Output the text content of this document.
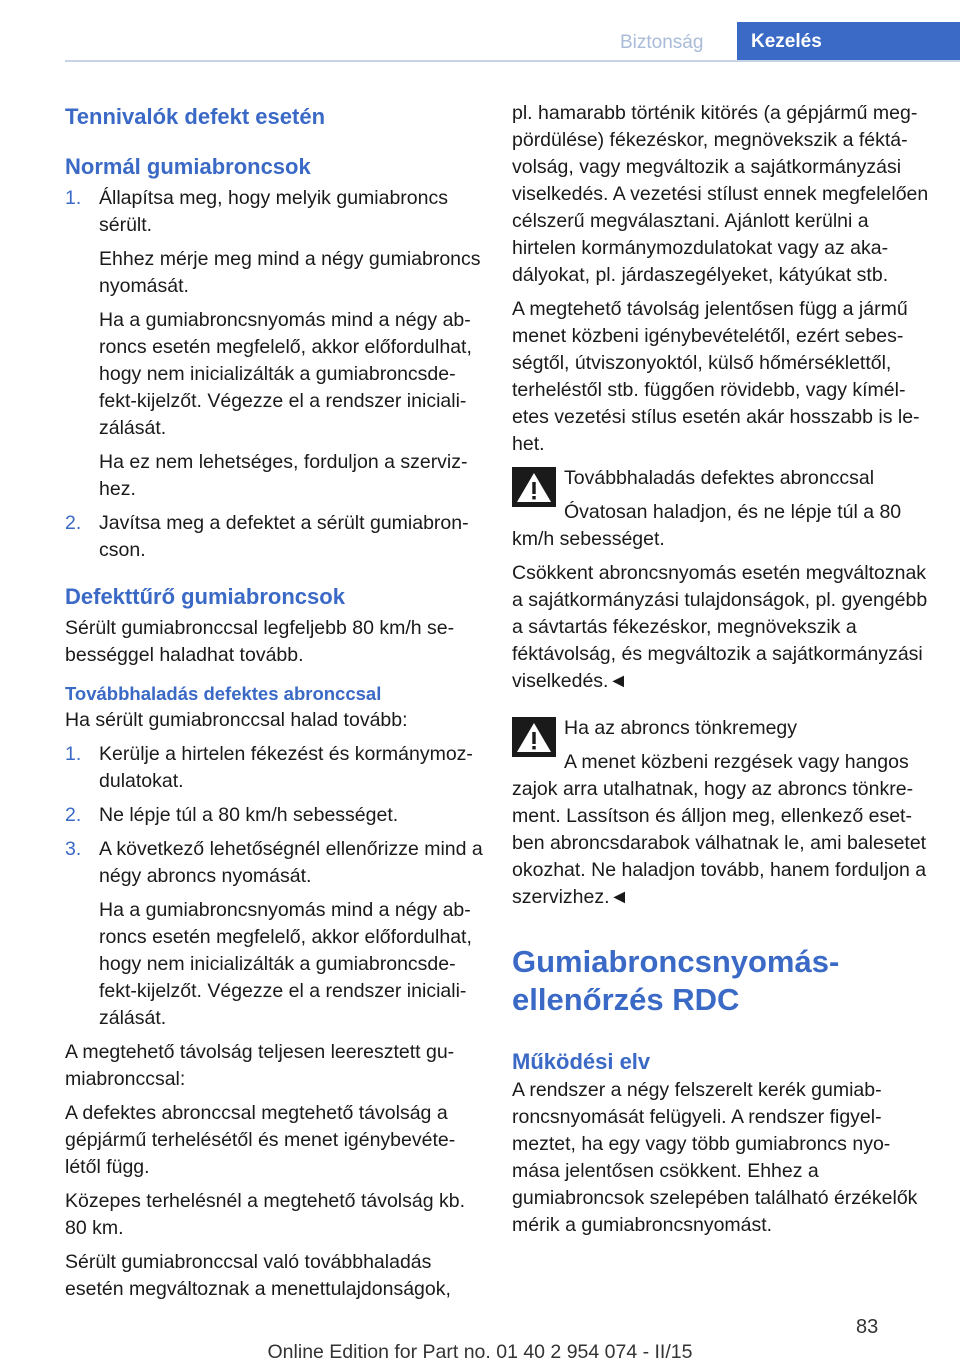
Biztonság	Kezelés
Tennivalók defekt esetén
Normál gumiabroncsok
1. Állapítsa meg, hogy melyik gumiabroncs sérült.

Ehhez mérje meg mind a négy gumiabroncs nyomását.

Ha a gumiabroncsnyomás mind a négy abroncs esetén megfelelő, akkor előfordulhat, hogy nem inicializálták a gumiabroncsdefekt-kijelzőt. Végezze el a rendszer inicializálását.

Ha ez nem lehetséges, forduljon a szervizhez.

2. Javítsa meg a defektet a sérült gumiabroncson.

Defekttűrő gumiabroncsok

Sérült gumiabronccsal legfeljebb 80 km/h sebességgel haladhat tovább.

Továbbhaladás defektes abronccsal

Ha sérült gumiabronccsal halad tovább:

1. Kerülje a hirtelen fékezést és kormánymozdulatokat.

2. Ne lépje túl a 80 km/h sebességet.

3. A következő lehetőségnél ellenőrizze mind a négy abroncs nyomását.

Ha a gumiabroncsnyomás mind a négy abroncs esetén megfelelő, akkor előfordulhat, hogy nem inicializálták a gumiabroncsdefekt-kijelzőt. Végezze el a rendszer inicializálását.

A megtehető távolság teljesen leeresztett gumiabronccsal:

A defektes abronccsal megtehető távolság a gépjármű terhelésétől és menet igénybevételétől függ.

Közepes terhelésnél a megtehető távolság kb. 80 km.

Sérült gumiabronccsal való továbbhaladás esetén megváltoznak a menettulajdonságok,

pl. hamarabb történik kitörés (a gépjármű megpördülése) fékezéskor, megnövekszik a féktávolság, vagy megváltozik a sajátkormányzási viselkedés. A vezetési stílust ennek megfelelően célszerű megválasztani. Ajánlott kerülni a hirtelen kormánymozdulatokat vagy az akadályokat, pl. járdaszegélyeket, kátyúkat stb.

A megtehető távolság jelentősen függ a jármű menet közbeni igénybevételétől, ezért sebességtől, útviszonyoktól, külső hőmérséklettől, terheléstől stb. függően rövidebb, vagy kíméletes vezetési stílus esetén akár hosszabb is lehet.

Továbbhaladás defektes abronccsal

Óvatosan haladjon, és ne lépje túl a 80 km/h sebességet.

Csökkent abroncsnyomás esetén megváltoznak a sajátkormányzási tulajdonságok, pl. gyengébb a sávtartás fékezéskor, megnövekszik a féktávolság, és megváltozik a sajátkormányzási viselkedés.◄

Ha az abroncs tönkremegy

A menet közbeni rezgések vagy hangos zajok arra utalhatnak, hogy az abroncs tönkrement. Lassítson és álljon meg, ellenkező esetben abroncsdarabok válhatnak le, ami balesetet okozhat. Ne haladjon tovább, hanem forduljon a szervizhez.◄

Gumiabroncsnyomás-ellenőrzés RDC
Működési elv

A rendszer a négy felszerelt kerék gumiabroncsnyomását felügyeli. A rendszer figyelmeztet, ha egy vagy több gumiabroncs nyomása jelentősen csökkent. Ehhez a gumiabroncsok szelepében található érzékelők mérik a gumiabroncsnyomást.

83
Online Edition for Part no. 01 40 2 954 074 - II/15
